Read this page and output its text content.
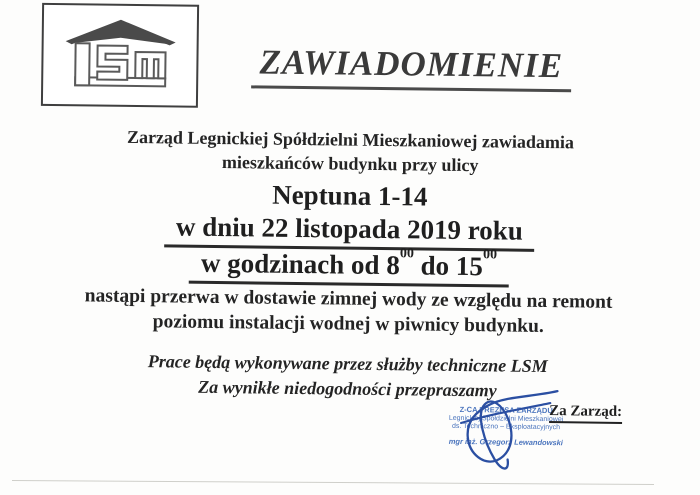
ZAWIADOMIENIE
Zarząd Legnickiej Spółdzielni Mieszkaniowej zawiadamia
mieszkańców budynku przy ulicy
Neptuna 1-14
w dniu 22 listopada 2019 roku
w godzinach od $8^{00}$ do $15^{00}$
nastąpi przerwa w dostawie zimnej wody ze względu na remont
poziomu instalacji wodnej w piwnicy budynku.
Prace będą wykonywane przez służby techniczne LSM
Za wynikłe niedogodności przepraszamy
Z-CA PREZESA ZARZĄDU
Legnickiej Spółdzielni Mieszkaniowej
ds. Techniczno – Eksploatacyjnych
mgr inż. Grzegorz Lewandowski
Za Zarząd:
